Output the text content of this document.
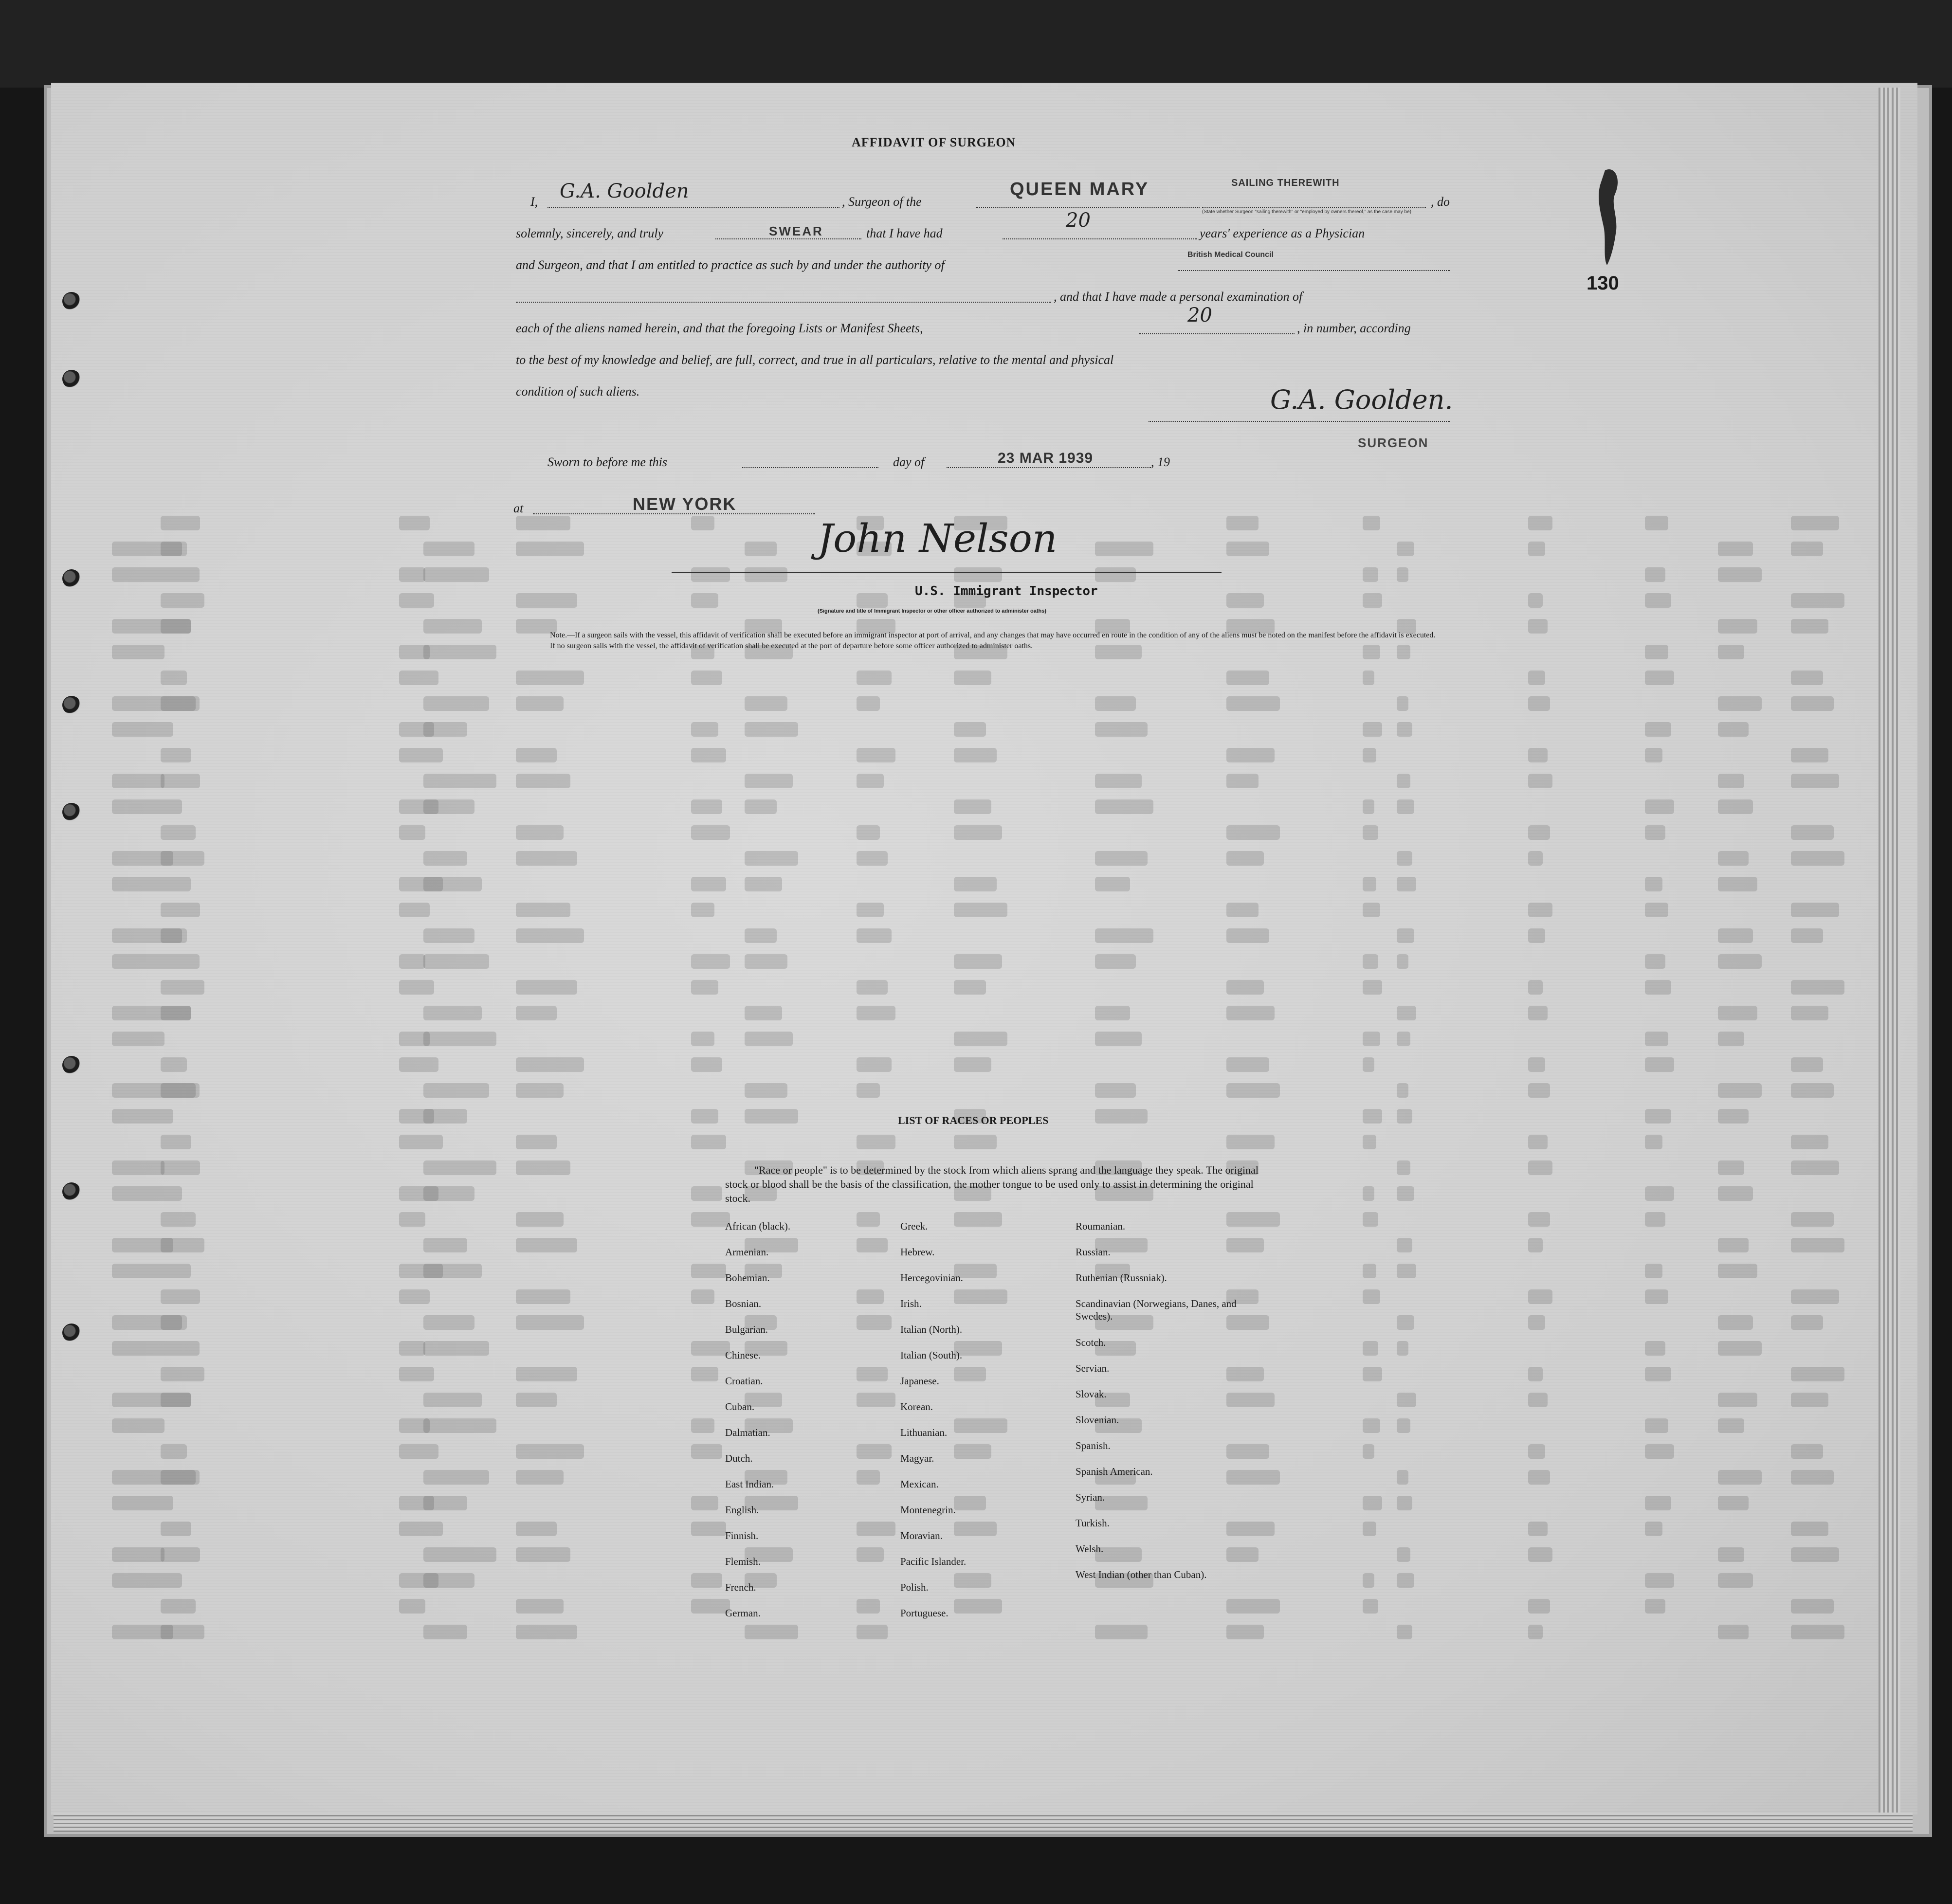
130
AFFIDAVIT OF SURGEON
I, G.A. Goolden	, Surgeon of the
QUEEN MARY	SAILING THEREWITH
(State whether Surgeon "sailing therewith" or "employed by owners thereof," as the case may be)
, do
solemnly, sincerely, and truly	SWEAR	that I have had
20
years' experience as a Physician
and Surgeon, and that I am entitled to practice as such by and under the authority of
British Medical Council
, and that I have made a personal examination of
each of the aliens named herein, and that the foregoing Lists or Manifest Sheets,
20
, in number, according
to the best of my knowledge and belief, are full, correct, and true in all particulars, relative to the mental and physical
condition of such aliens.	G.A. Goolden.
SURGEON
Sworn to before me this	day of	23 MAR 1939	, 19
at	NEW YORK
John Nelson
U.S. Immigrant Inspector
(Signature and title of Immigrant Inspector or other officer authorized to administer oaths)

Note.—If a surgeon sails with the vessel, this affidavit of verification shall be executed before an immigrant inspector at port of arrival, and any changes that may have occurred en route in the condition of any of the aliens must be noted on the manifest before the affidavit is executed.

If no surgeon sails with the vessel, the affidavit of verification shall be executed at the port of departure before some officer authorized to administer oaths.

LIST OF RACES OR PEOPLES
"Race or people" is to be determined by the stock from which aliens sprang and the language they speak. The original stock or blood shall be the basis of the classification, the mother tongue to be used only to assist in determining the original stock.
African (black).
Armenian.
Bohemian.
Bosnian.
Bulgarian.
Chinese.
Croatian.
Cuban.
Dalmatian.
Dutch.
East Indian.
English.
Finnish.
Flemish.
French.
German.
Greek.
Hebrew.
Hercegovinian.
Irish.
Italian (North).
Italian (South).
Japanese.
Korean.
Lithuanian.
Magyar.
Mexican.
Montenegrin.
Moravian.
Pacific Islander.
Polish.
Portuguese.
Roumanian.
Russian.
Ruthenian (Russniak).
Scandinavian (Norwegians, Danes, and Swedes).
Scotch.
Servian.
Slovak.
Slovenian.
Spanish.
Spanish American.
Syrian.
Turkish.
Welsh.
West Indian (other than Cuban).
